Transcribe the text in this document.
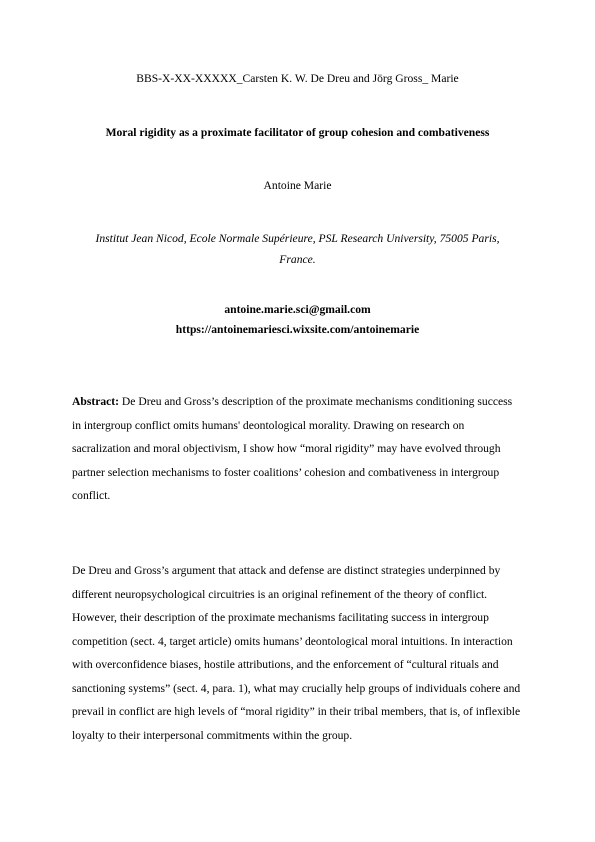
BBS-X-XX-XXXXX_Carsten K. W. De Dreu and Jörg Gross_ Marie
Moral rigidity as a proximate facilitator of group cohesion and combativeness
Antoine Marie
Institut Jean Nicod, Ecole Normale Supérieure, PSL Research University, 75005 Paris,
France.
antoine.marie.sci@gmail.com
https://antoinemariesci.wixsite.com/antoinemarie
Abstract: De Dreu and Gross’s description of the proximate mechanisms conditioning success in intergroup conflict omits humans' deontological morality. Drawing on research on sacralization and moral objectivism, I show how “moral rigidity” may have evolved through partner selection mechanisms to foster coalitions’ cohesion and combativeness in intergroup conflict.
De Dreu and Gross’s argument that attack and defense are distinct strategies underpinned by different neuropsychological circuitries is an original refinement of the theory of conflict. However, their description of the proximate mechanisms facilitating success in intergroup competition (sect. 4, target article) omits humans’ deontological moral intuitions. In interaction with overconfidence biases, hostile attributions, and the enforcement of “cultural rituals and sanctioning systems” (sect. 4, para. 1), what may crucially help groups of individuals cohere and prevail in conflict are high levels of “moral rigidity” in their tribal members, that is, of inflexible loyalty to their interpersonal commitments within the group.
